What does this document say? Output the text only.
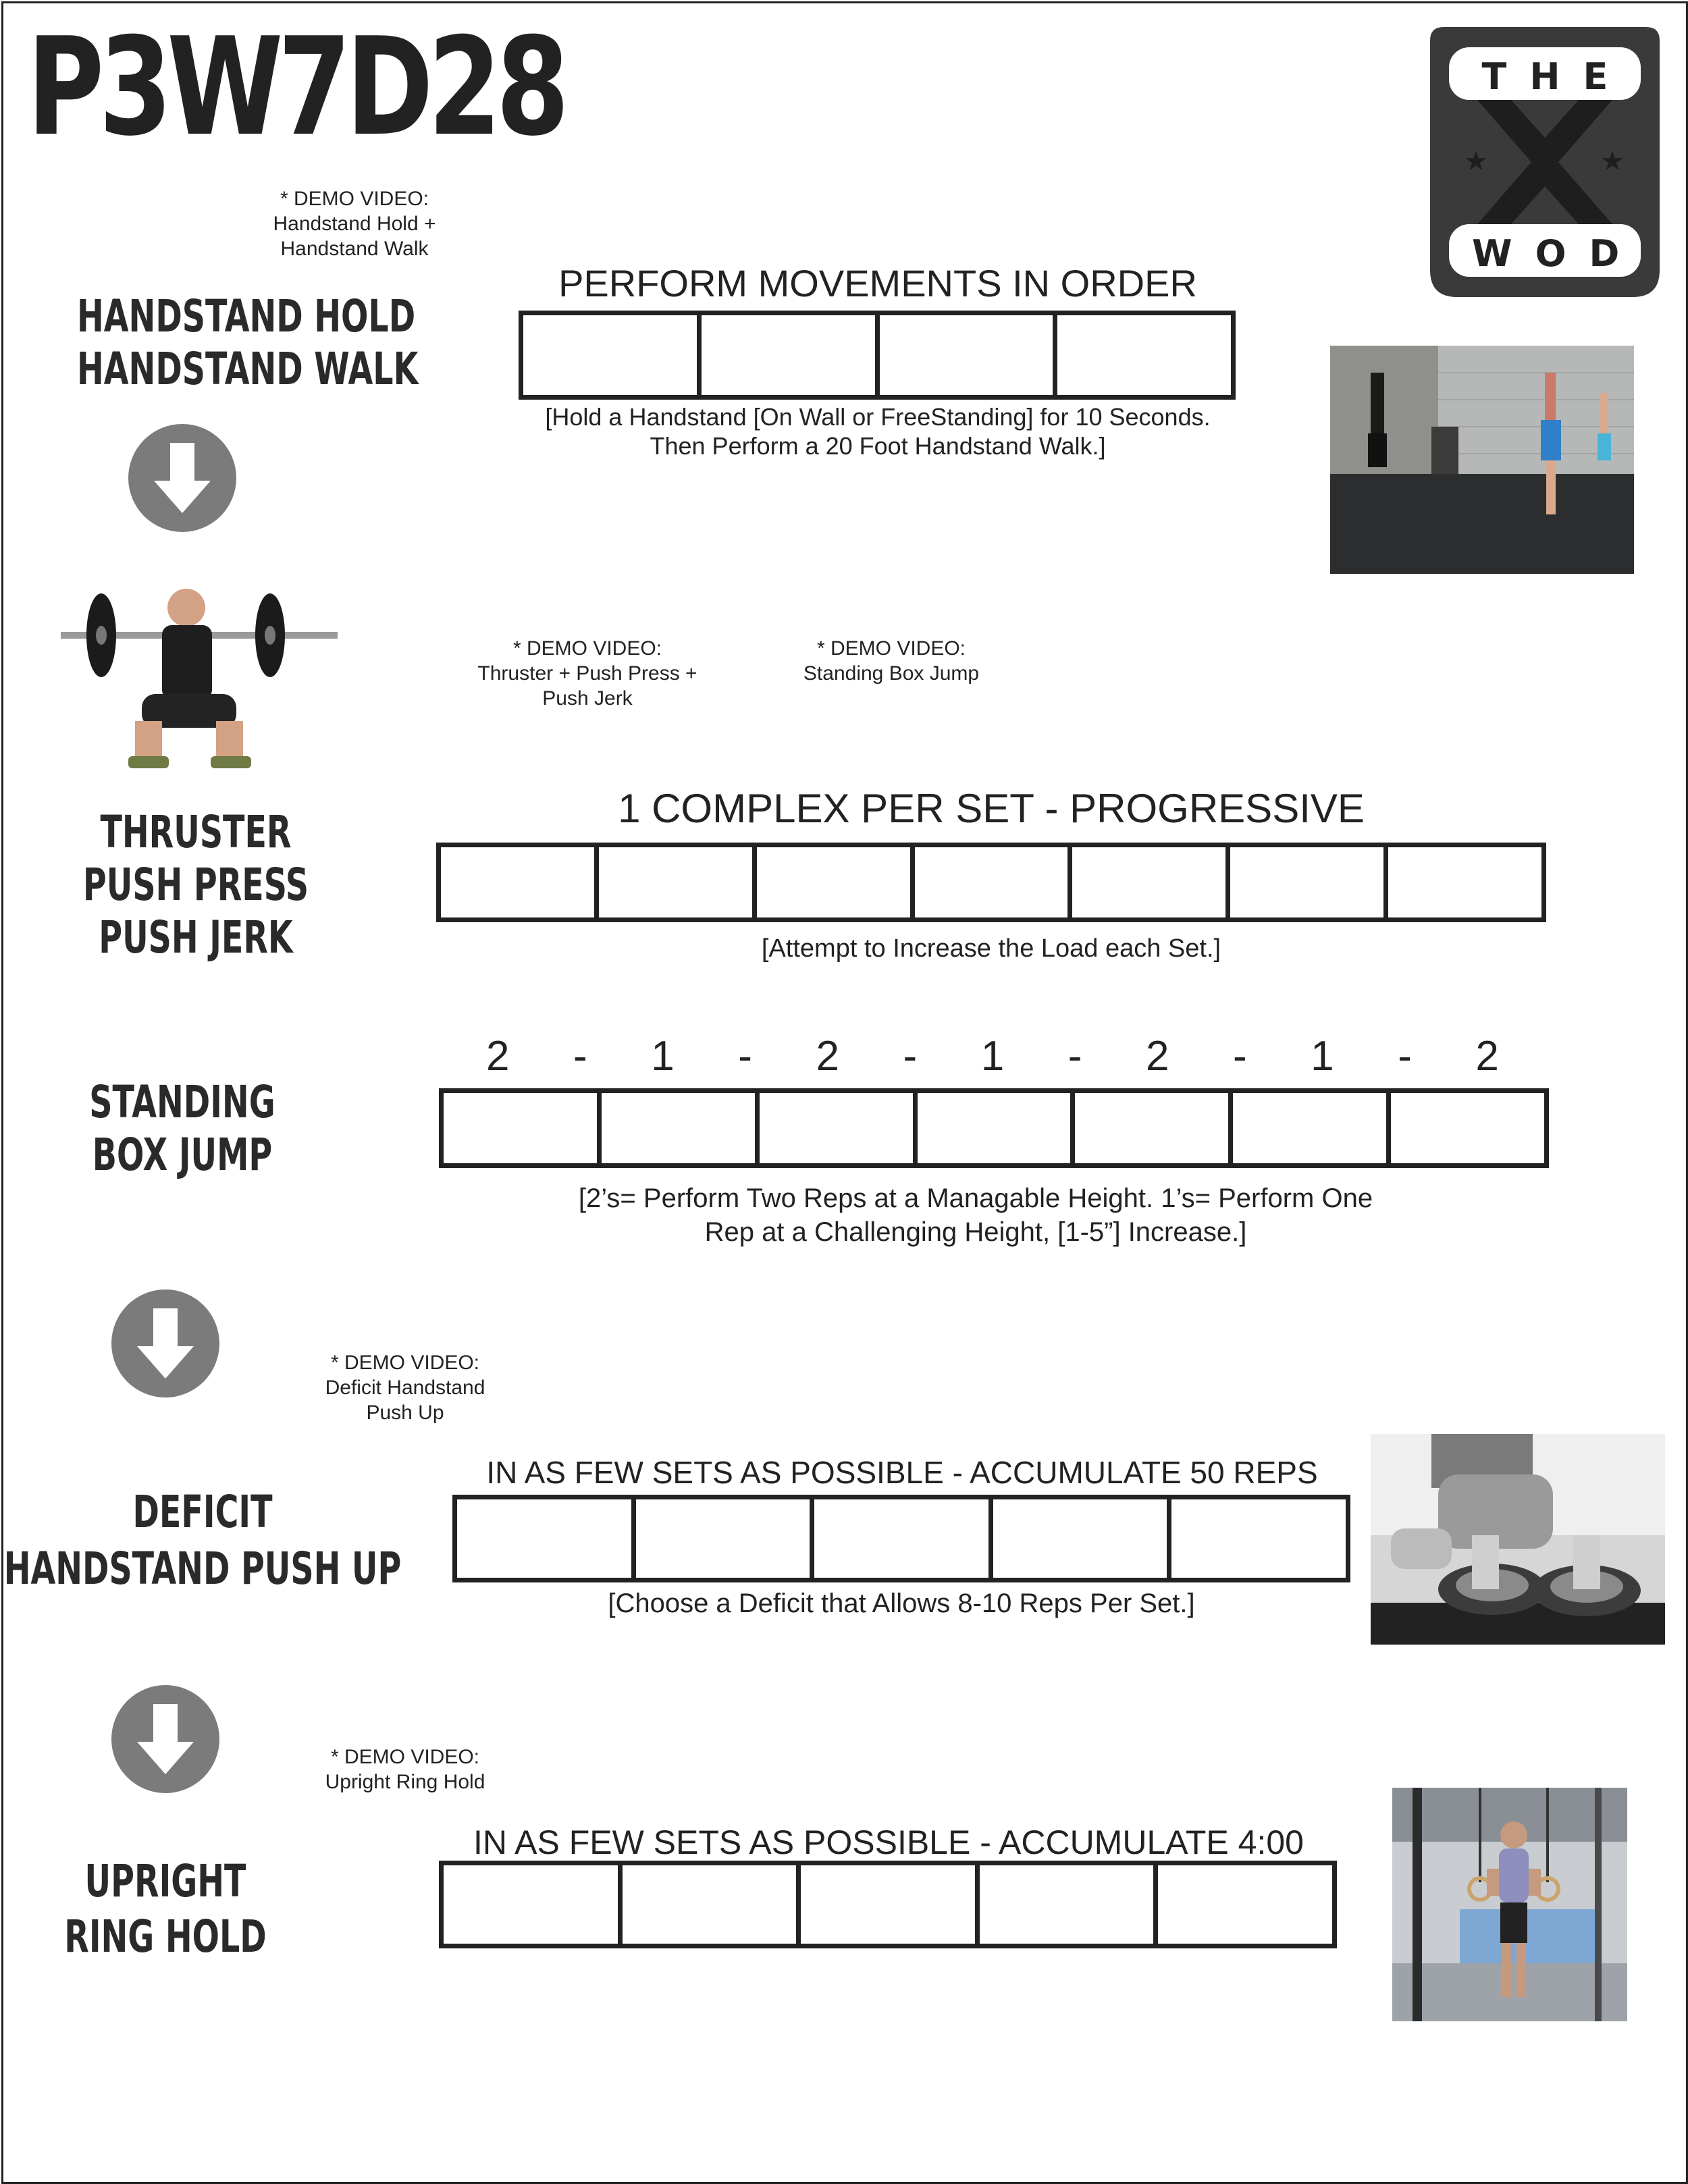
P3W7D28	★	★
THE
WOD
* DEMO VIDEO:
Handstand Hold +
Handstand Walk
HANDSTAND HOLD
HANDSTAND WALK
PERFORM MOVEMENTS IN ORDER
[Hold a Handstand [On Wall or FreeStanding] for 10 Seconds.
Then Perform a 20 Foot Handstand Walk.]
* DEMO VIDEO:
Thruster + Push Press +
Push Jerk
* DEMO VIDEO:
Standing Box Jump
THRUSTER
PUSH PRESS
PUSH JERK
1 COMPLEX PER SET - PROGRESSIVE
[Attempt to Increase the Load each Set.]
STANDING
BOX JUMP
2 - 1 - 2 - 1 - 2 - 1 - 2
[2’s= Perform Two Reps at a Managable Height. 1’s= Perform One
Rep at a Challenging Height, [1-5”] Increase.]
* DEMO VIDEO:
Deficit Handstand
Push Up
DEFICIT
HANDSTAND PUSH UP
IN AS FEW SETS AS POSSIBLE - ACCUMULATE 50 REPS
[Choose a Deficit that Allows 8-10 Reps Per Set.]
* DEMO VIDEO:
Upright Ring Hold
UPRIGHT
RING HOLD
IN AS FEW SETS AS POSSIBLE - ACCUMULATE 4:00
